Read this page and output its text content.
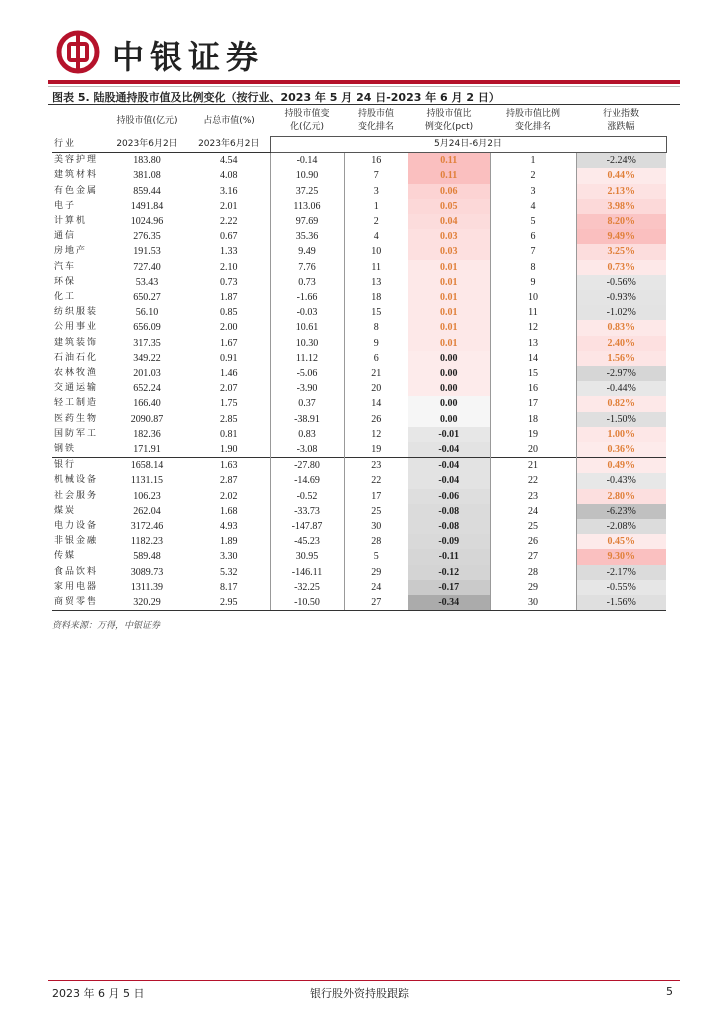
中银证券
图表 5. 陆股通持股市值及比例变化（按行业、2023 年 5 月 24 日-2023 年 6 月 2 日）
	持股市值(亿元)	占总市值(%)	持股市值变化(亿元)	持股市值变化排名	持股市值比例变化(pct)	持股市值比例变化排名	行业指数涨跌幅
行业	2023年6月2日	2023年6月2日	5月24日-6月2日				
美容护理	183.80	4.54	-0.14	16	0.11	1	-2.24%
建筑材料	381.08	4.08	10.90	7	0.11	2	0.44%
有色金属	859.44	3.16	37.25	3	0.06	3	2.13%
电子	1491.84	2.01	113.06	1	0.05	4	3.98%
计算机	1024.96	2.22	97.69	2	0.04	5	8.20%
通信	276.35	0.67	35.36	4	0.03	6	9.49%
房地产	191.53	1.33	9.49	10	0.03	7	3.25%
汽车	727.40	2.10	7.76	11	0.01	8	0.73%
环保	53.43	0.73	0.73	13	0.01	9	-0.56%
化工	650.27	1.87	-1.66	18	0.01	10	-0.93%
纺织服装	56.10	0.85	-0.03	15	0.01	11	-1.02%
公用事业	656.09	2.00	10.61	8	0.01	12	0.83%
建筑装饰	317.35	1.67	10.30	9	0.01	13	2.40%
石油石化	349.22	0.91	11.12	6	0.00	14	1.56%
农林牧渔	201.03	1.46	-5.06	21	0.00	15	-2.97%
交通运输	652.24	2.07	-3.90	20	0.00	16	-0.44%
轻工制造	166.40	1.75	0.37	14	0.00	17	0.82%
医药生物	2090.87	2.85	-38.91	26	0.00	18	-1.50%
国防军工	182.36	0.81	0.83	12	-0.01	19	1.00%
钢铁	171.91	1.90	-3.08	19	-0.04	20	0.36%
银行	1658.14	1.63	-27.80	23	-0.04	21	0.49%
机械设备	1131.15	2.87	-14.69	22	-0.04	22	-0.43%
社会服务	106.23	2.02	-0.52	17	-0.06	23	2.80%
煤炭	262.04	1.68	-33.73	25	-0.08	24	-6.23%
电力设备	3172.46	4.93	-147.87	30	-0.08	25	-2.08%
非银金融	1182.23	1.89	-45.23	28	-0.09	26	0.45%
传媒	589.48	3.30	30.95	5	-0.11	27	9.30%
食品饮料	3089.73	5.32	-146.11	29	-0.12	28	-2.17%
家用电器	1311.39	8.17	-32.25	24	-0.17	29	-0.55%
商贸零售	320.29	2.95	-10.50	27	-0.34	30	-1.56%
资料来源：万得，中银证券
2023 年 6 月 5 日	银行股外资持股跟踪	5
